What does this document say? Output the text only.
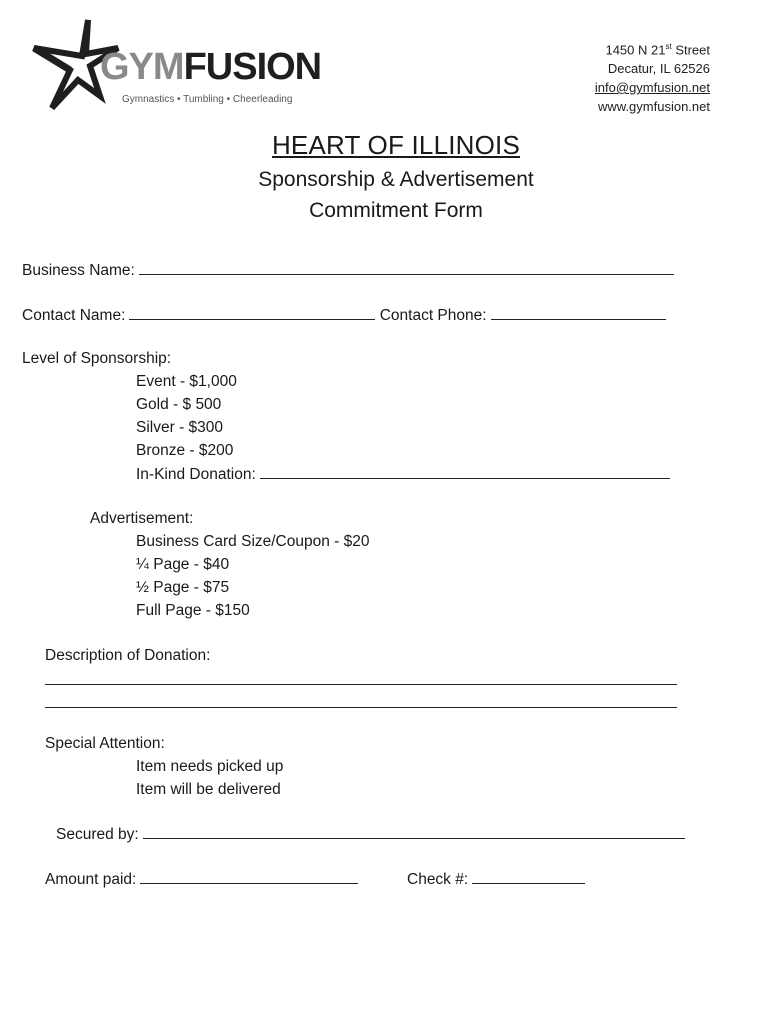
GYMFUSION
Gymnastics • Tumbling • Cheerleading
1450 N 21st Street
Decatur, IL 62526
info@gymfusion.net
www.gymfusion.net
HEART OF ILLINOIS
Sponsorship & Advertisement
Commitment Form
Business Name:
Contact Name:	Contact Phone:
Level of Sponsorship:
Event - $1,000
Gold - $ 500
Silver - $300
Bronze - $200
In-Kind Donation:
Advertisement:
Business Card Size/Coupon - $20
¼ Page - $40
½ Page - $75
Full Page - $150
Description of Donation:
Special Attention:
Item needs picked up
Item will be delivered
Secured by:
Amount paid:	Check #:
